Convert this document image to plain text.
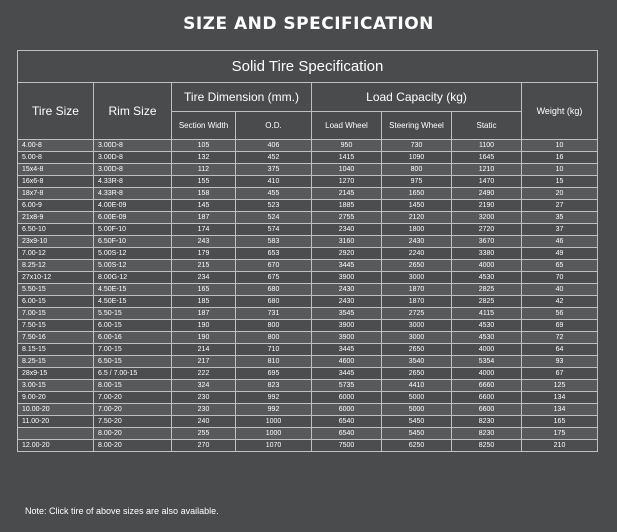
SIZE AND SPECIFICATION
Solid Tire Specification							
Tire Size	Rim Size	Tire Dimension (mm.)		Load Capacity (kg)			Weight (kg)
		Section Width	O.D.	Load Wheel	Steering Wheel	Static	
4.00-8	3.00D-8	105	406	950	730	1100	10
5.00-8	3.00D-8	132	452	1415	1090	1645	16
15x4-8	3.00D-8	112	375	1040	800	1210	10
16x6-8	4.33R-8	155	410	1270	975	1470	15
18x7-8	4.33R-8	158	455	2145	1650	2490	20
6.00-9	4.00E-09	145	523	1885	1450	2190	27
21x8-9	6.00E-09	187	524	2755	2120	3200	35
6.50-10	5.00F-10	174	574	2340	1800	2720	37
23x9-10	6.50F-10	243	583	3160	2430	3670	46
7.00-12	5.00S-12	179	653	2920	2240	3380	49
8.25-12	5.00S-12	215	670	3445	2650	4000	65
27x10-12	8.00G-12	234	675	3900	3000	4530	70
5.50-15	4.50E-15	165	680	2430	1870	2825	40
6.00-15	4.50E-15	185	680	2430	1870	2825	42
7.00-15	5.50-15	187	731	3545	2725	4115	56
7.50-15	6.00-15	190	800	3900	3000	4530	69
7.50-16	6.00-16	190	800	3900	3000	4530	72
8.15-15	7.00-15	214	710	3445	2650	4000	64
8.25-15	6.50-15	217	810	4600	3540	5354	93
28x9-15	6.5 / 7.00-15	222	695	3445	2650	4000	67
3.00-15	8.00-15	324	823	5735	4410	6660	125
9.00-20	7.00-20	230	992	6000	5000	6600	134
10.00-20	7.00-20	230	992	6000	5000	6600	134
11.00-20	7.50-20	240	1000	6540	5450	8230	165
	8.00-20	255	1000	6540	5450	8230	175
12.00-20	8.00-20	270	1070	7500	6250	8250	210
Note: Click tire of above sizes are also available.
